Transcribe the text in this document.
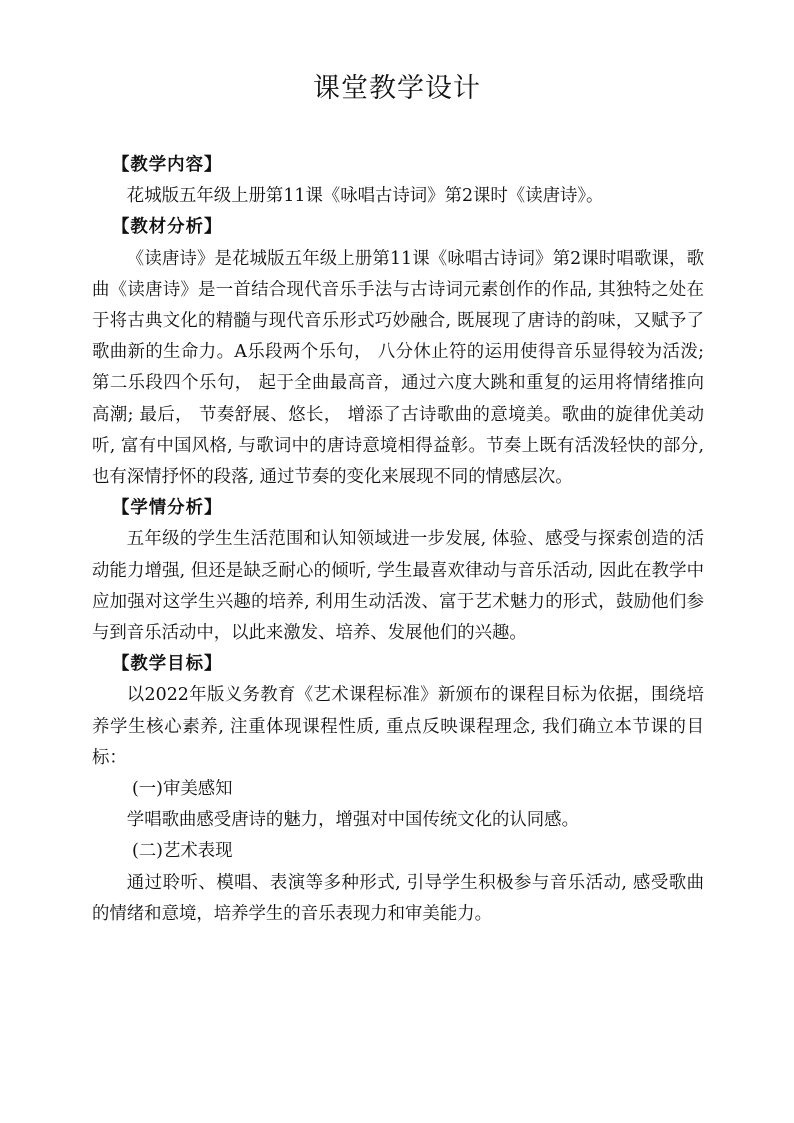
课堂教学设计

【教学内容】

花城版五年级上册第11课《咏唱古诗词》第2课时《读唐诗》。

【教材分析】

《读唐诗》是花城版五年级上册第11课《咏唱古诗词》第2课时唱歌课，歌曲《读唐诗》是一首结合现代音乐手法与古诗词元素创作的作品, 其独特之处在于将古典文化的精髓与现代音乐形式巧妙融合, 既展现了唐诗的韵味，又赋予了歌曲新的生命力。A乐段两个乐句， 八分休止符的运用使得音乐显得较为活泼; 第二乐段四个乐句， 起于全曲最高音，通过六度大跳和重复的运用将情绪推向高潮; 最后， 节奏舒展、悠长， 增添了古诗歌曲的意境美。歌曲的旋律优美动听, 富有中国风格, 与歌词中的唐诗意境相得益彰。节奏上既有活泼轻快的部分, 也有深情抒怀的段落, 通过节奏的变化来展现不同的情感层次。

【学情分析】

五年级的学生生活范围和认知领域进一步发展, 体验、感受与探索创造的活动能力增强, 但还是缺乏耐心的倾听, 学生最喜欢律动与音乐活动, 因此在教学中应加强对这学生兴趣的培养, 利用生动活泼、富于艺术魅力的形式，鼓励他们参与到音乐活动中，以此来激发、培养、发展他们的兴趣。

【教学目标】

以2022年版义务教育《艺术课程标准》新颁布的课程目标为依据，围绕培养学生核心素养, 注重体现课程性质, 重点反映课程理念, 我们确立本节课的目标：

(一)审美感知

学唱歌曲感受唐诗的魅力，增强对中国传统文化的认同感。

(二)艺术表现

通过聆听、模唱、表演等多种形式, 引导学生积极参与音乐活动, 感受歌曲的情绪和意境，培养学生的音乐表现力和审美能力。
